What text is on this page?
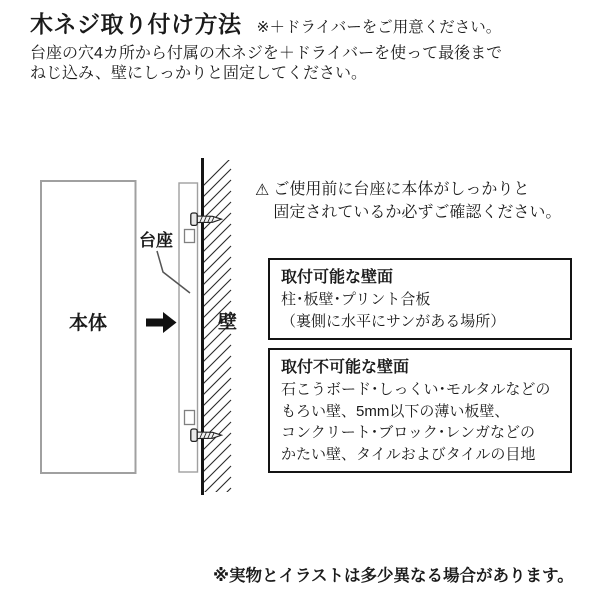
木ネジ取り付け方法 ※＋ドライバーをご用意ください。
台座の穴4カ所から付属の木ネジを＋ドライバーを使って最後まで
ねじ込み、壁にしっかりと固定してください。
本体
台座
壁
⚠ ご使用前に台座に本体がしっかりと
固定されているか必ずご確認ください。
取付可能な壁面
柱･板壁･プリント合板
（裏側に水平にサンがある場所）
取付不可能な壁面
石こうボード･しっくい･モルタルなどの
もろい壁、5mm以下の薄い板壁、
コンクリート･ブロック･レンガなどの
かたい壁、タイルおよびタイルの目地

※実物とイラストは多少異なる場合があります。
